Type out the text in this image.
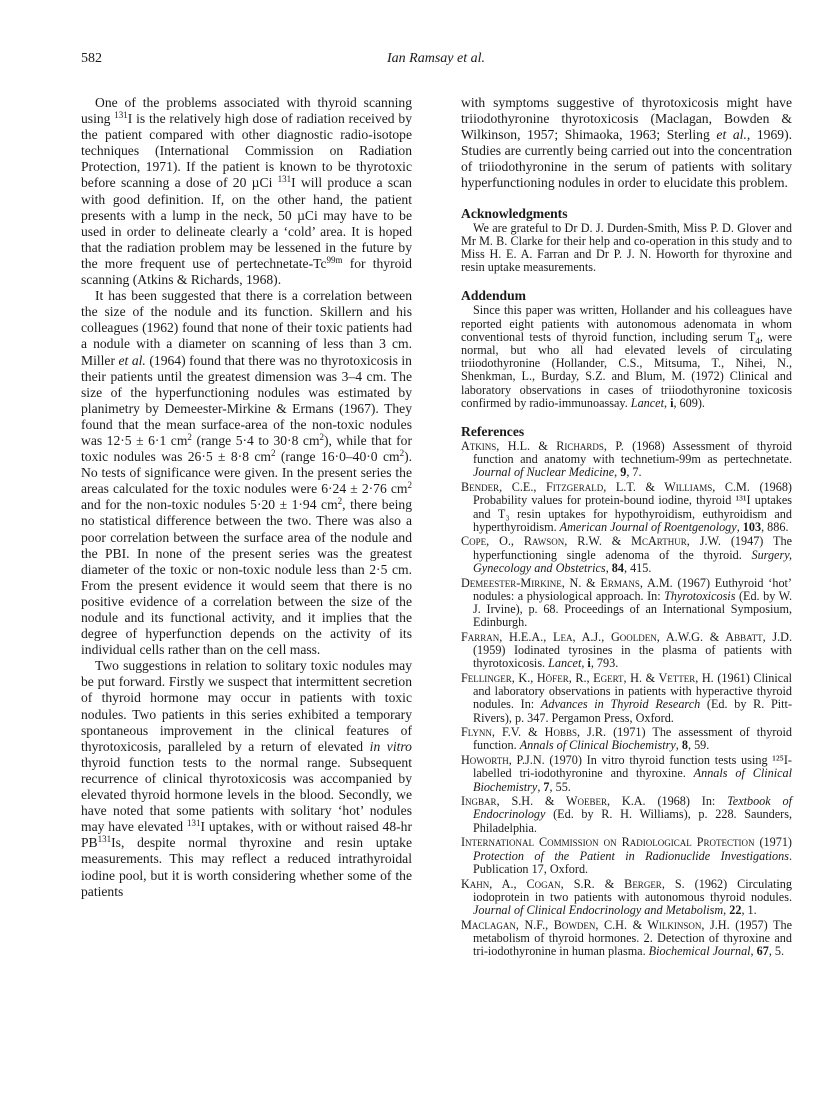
582	Ian Ramsay et al.

One of the problems associated with thyroid scanning using $^{131}$I is the relatively high dose of radiation received by the patient compared with other diagnostic radio-isotope techniques (International Commission on Radiation Protection, 1971). If the patient is known to be thyrotoxic before scanning a dose of 20 µCi $^{131}$I will produce a scan with good definition. If, on the other hand, the patient presents with a lump in the neck, 50 µCi may have to be used in order to delineate clearly a ‘cold’ area. It is hoped that the radiation problem may be lessened in the future by the more frequent use of pertechnetate-$Tc^{99m}$ for thyroid scanning (Atkins & Richards, 1968).

It has been suggested that there is a correlation between the size of the nodule and its function. Skillern and his colleagues (1962) found that none of their toxic patients had a nodule with a diameter on scanning of less than 3 cm. Miller et al. (1964) found that there was no thyrotoxicosis in their patients until the greatest dimension was 3–4 cm. The size of the hyperfunctioning nodules was estimated by planimetry by Demeester-Mirkine & Ermans (1967). They found that the mean surface-area of the non-toxic nodules was 12·5 ± 6·1 $cm^2$ (range 5·4 to 30·8 $cm^2$), while that for toxic nodules was 26·5 ± 8·8 $cm^2$ (range 16·0–40·0 $cm^2$). No tests of significance were given. In the present series the areas calculated for the toxic nodules were 6·24 ± 2·76 $cm^2$ and for the non-toxic nodules 5·20 ± 1·94 $cm^2$, there being no statistical difference between the two. There was also a poor correlation between the surface area of the nodule and the PBI. In none of the present series was the greatest diameter of the toxic or non-toxic nodule less than 2·5 cm. From the present evidence it would seem that there is no positive evidence of a correlation between the size of the nodule and its functional activity, and it implies that the degree of hyperfunction depends on the activity of its individual cells rather than on the cell mass.

Two suggestions in relation to solitary toxic nodules may be put forward. Firstly we suspect that intermittent secretion of thyroid hormone may occur in patients with toxic nodules. Two patients in this series exhibited a temporary spontaneous improvement in the clinical features of thyrotoxicosis, paralleled by a return of elevated in vitro thyroid function tests to the normal range. Subsequent recurrence of clinical thyrotoxicosis was accompanied by elevated thyroid hormone levels in the blood. Secondly, we have noted that some patients with solitary ‘hot’ nodules may have elevated $^{131}$I uptakes, with or without raised 48-hr PB$^{131}$Is, despite normal thyroxine and resin uptake measurements. This may reflect a reduced intrathyroidal iodine pool, but it is worth considering whether some of the patients

with symptoms suggestive of thyrotoxicosis might have triiodothyronine thyrotoxicosis (Maclagan, Bowden & Wilkinson, 1957; Shimaoka, 1963; Sterling et al., 1969). Studies are currently being carried out into the concentration of triiodothyronine in the serum of patients with solitary hyperfunctioning nodules in order to elucidate this problem.

Acknowledgments

We are grateful to Dr D. J. Durden-Smith, Miss P. D. Glover and Mr M. B. Clarke for their help and co-operation in this study and to Miss H. E. A. Farran and Dr P. J. N. Howorth for thyroxine and resin uptake measurements.

Addendum

Since this paper was written, Hollander and his colleagues have reported eight patients with autonomous adenomata in whom conventional tests of thyroid function, including serum $T_4$, were normal, but who all had elevated levels of circulating triiodothyronine (Hollander, C.S., Mitsuma, T., Nihei, N., Shenkman, L., Burday, S.Z. and Blum, M. (1972) Clinical and laboratory observations in cases of triiodothyronine toxicosis confirmed by radio-immunoassay. Lancet, i, 609).

References
Atkins, H.L. & Richards, P. (1968) Assessment of thyroid function and anatomy with technetium-99m as pertechnetate. Journal of Nuclear Medicine, 9, 7.
Bender, C.E., Fitzgerald, L.T. & Williams, C.M. (1968) Probability values for protein-bound iodine, thyroid ¹³¹I uptakes and T₃ resin uptakes for hypothyroidism, euthyroidism and hyperthyroidism. American Journal of Roentgenology, 103, 886.
Cope, O., Rawson, R.W. & McArthur, J.W. (1947) The hyperfunctioning single adenoma of the thyroid. Surgery, Gynecology and Obstetrics, 84, 415.
Demeester-Mirkine, N. & Ermans, A.M. (1967) Euthyroid ‘hot’ nodules: a physiological approach. In: Thyrotoxicosis (Ed. by W. J. Irvine), p. 68. Proceedings of an International Symposium, Edinburgh.
Farran, H.E.A., Lea, A.J., Goolden, A.W.G. & Abbatt, J.D. (1959) Iodinated tyrosines in the plasma of patients with thyrotoxicosis. Lancet, i, 793.
Fellinger, K., Höfer, R., Egert, H. & Vetter, H. (1961) Clinical and laboratory observations in patients with hyperactive thyroid nodules. In: Advances in Thyroid Research (Ed. by R. Pitt-Rivers), p. 347. Pergamon Press, Oxford.
Flynn, F.V. & Hobbs, J.R. (1971) The assessment of thyroid function. Annals of Clinical Biochemistry, 8, 59.
Howorth, P.J.N. (1970) In vitro thyroid function tests using ¹²⁵I-labelled tri-iodothyronine and thyroxine. Annals of Clinical Biochemistry, 7, 55.
Ingbar, S.H. & Woeber, K.A. (1968) In: Textbook of Endocrinology (Ed. by R. H. Williams), p. 228. Saunders, Philadelphia.
International Commission on Radiological Protection (1971) Protection of the Patient in Radionuclide Investigations. Publication 17, Oxford.
Kahn, A., Cogan, S.R. & Berger, S. (1962) Circulating iodoprotein in two patients with autonomous thyroid nodules. Journal of Clinical Endocrinology and Metabolism, 22, 1.
Maclagan, N.F., Bowden, C.H. & Wilkinson, J.H. (1957) The metabolism of thyroid hormones. 2. Detection of thyroxine and tri-iodothyronine in human plasma. Biochemical Journal, 67, 5.
